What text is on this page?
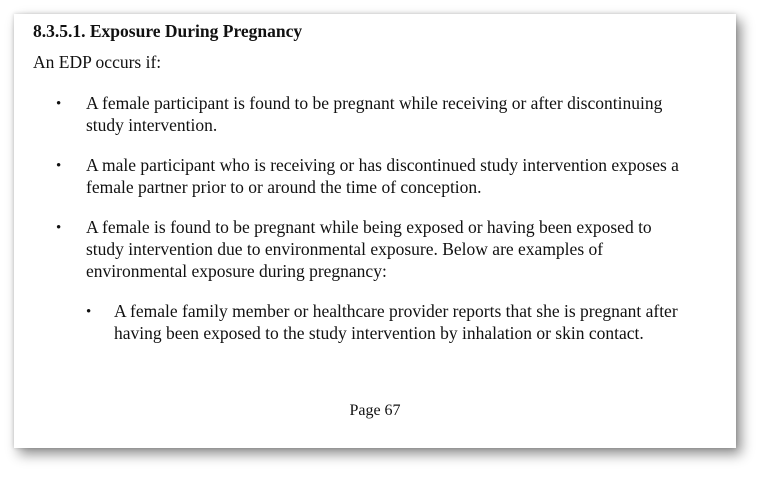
8.3.5.1. Exposure During Pregnancy
An EDP occurs if:
• A female participant is found to be pregnant while receiving or after discontinuing
study intervention.
• A male participant who is receiving or has discontinued study intervention exposes a
female partner prior to or around the time of conception.
• A female is found to be pregnant while being exposed or having been exposed to
study intervention due to environmental exposure. Below are examples of
environmental exposure during pregnancy:
• A female family member or healthcare provider reports that she is pregnant after
having been exposed to the study intervention by inhalation or skin contact.
Page 67
